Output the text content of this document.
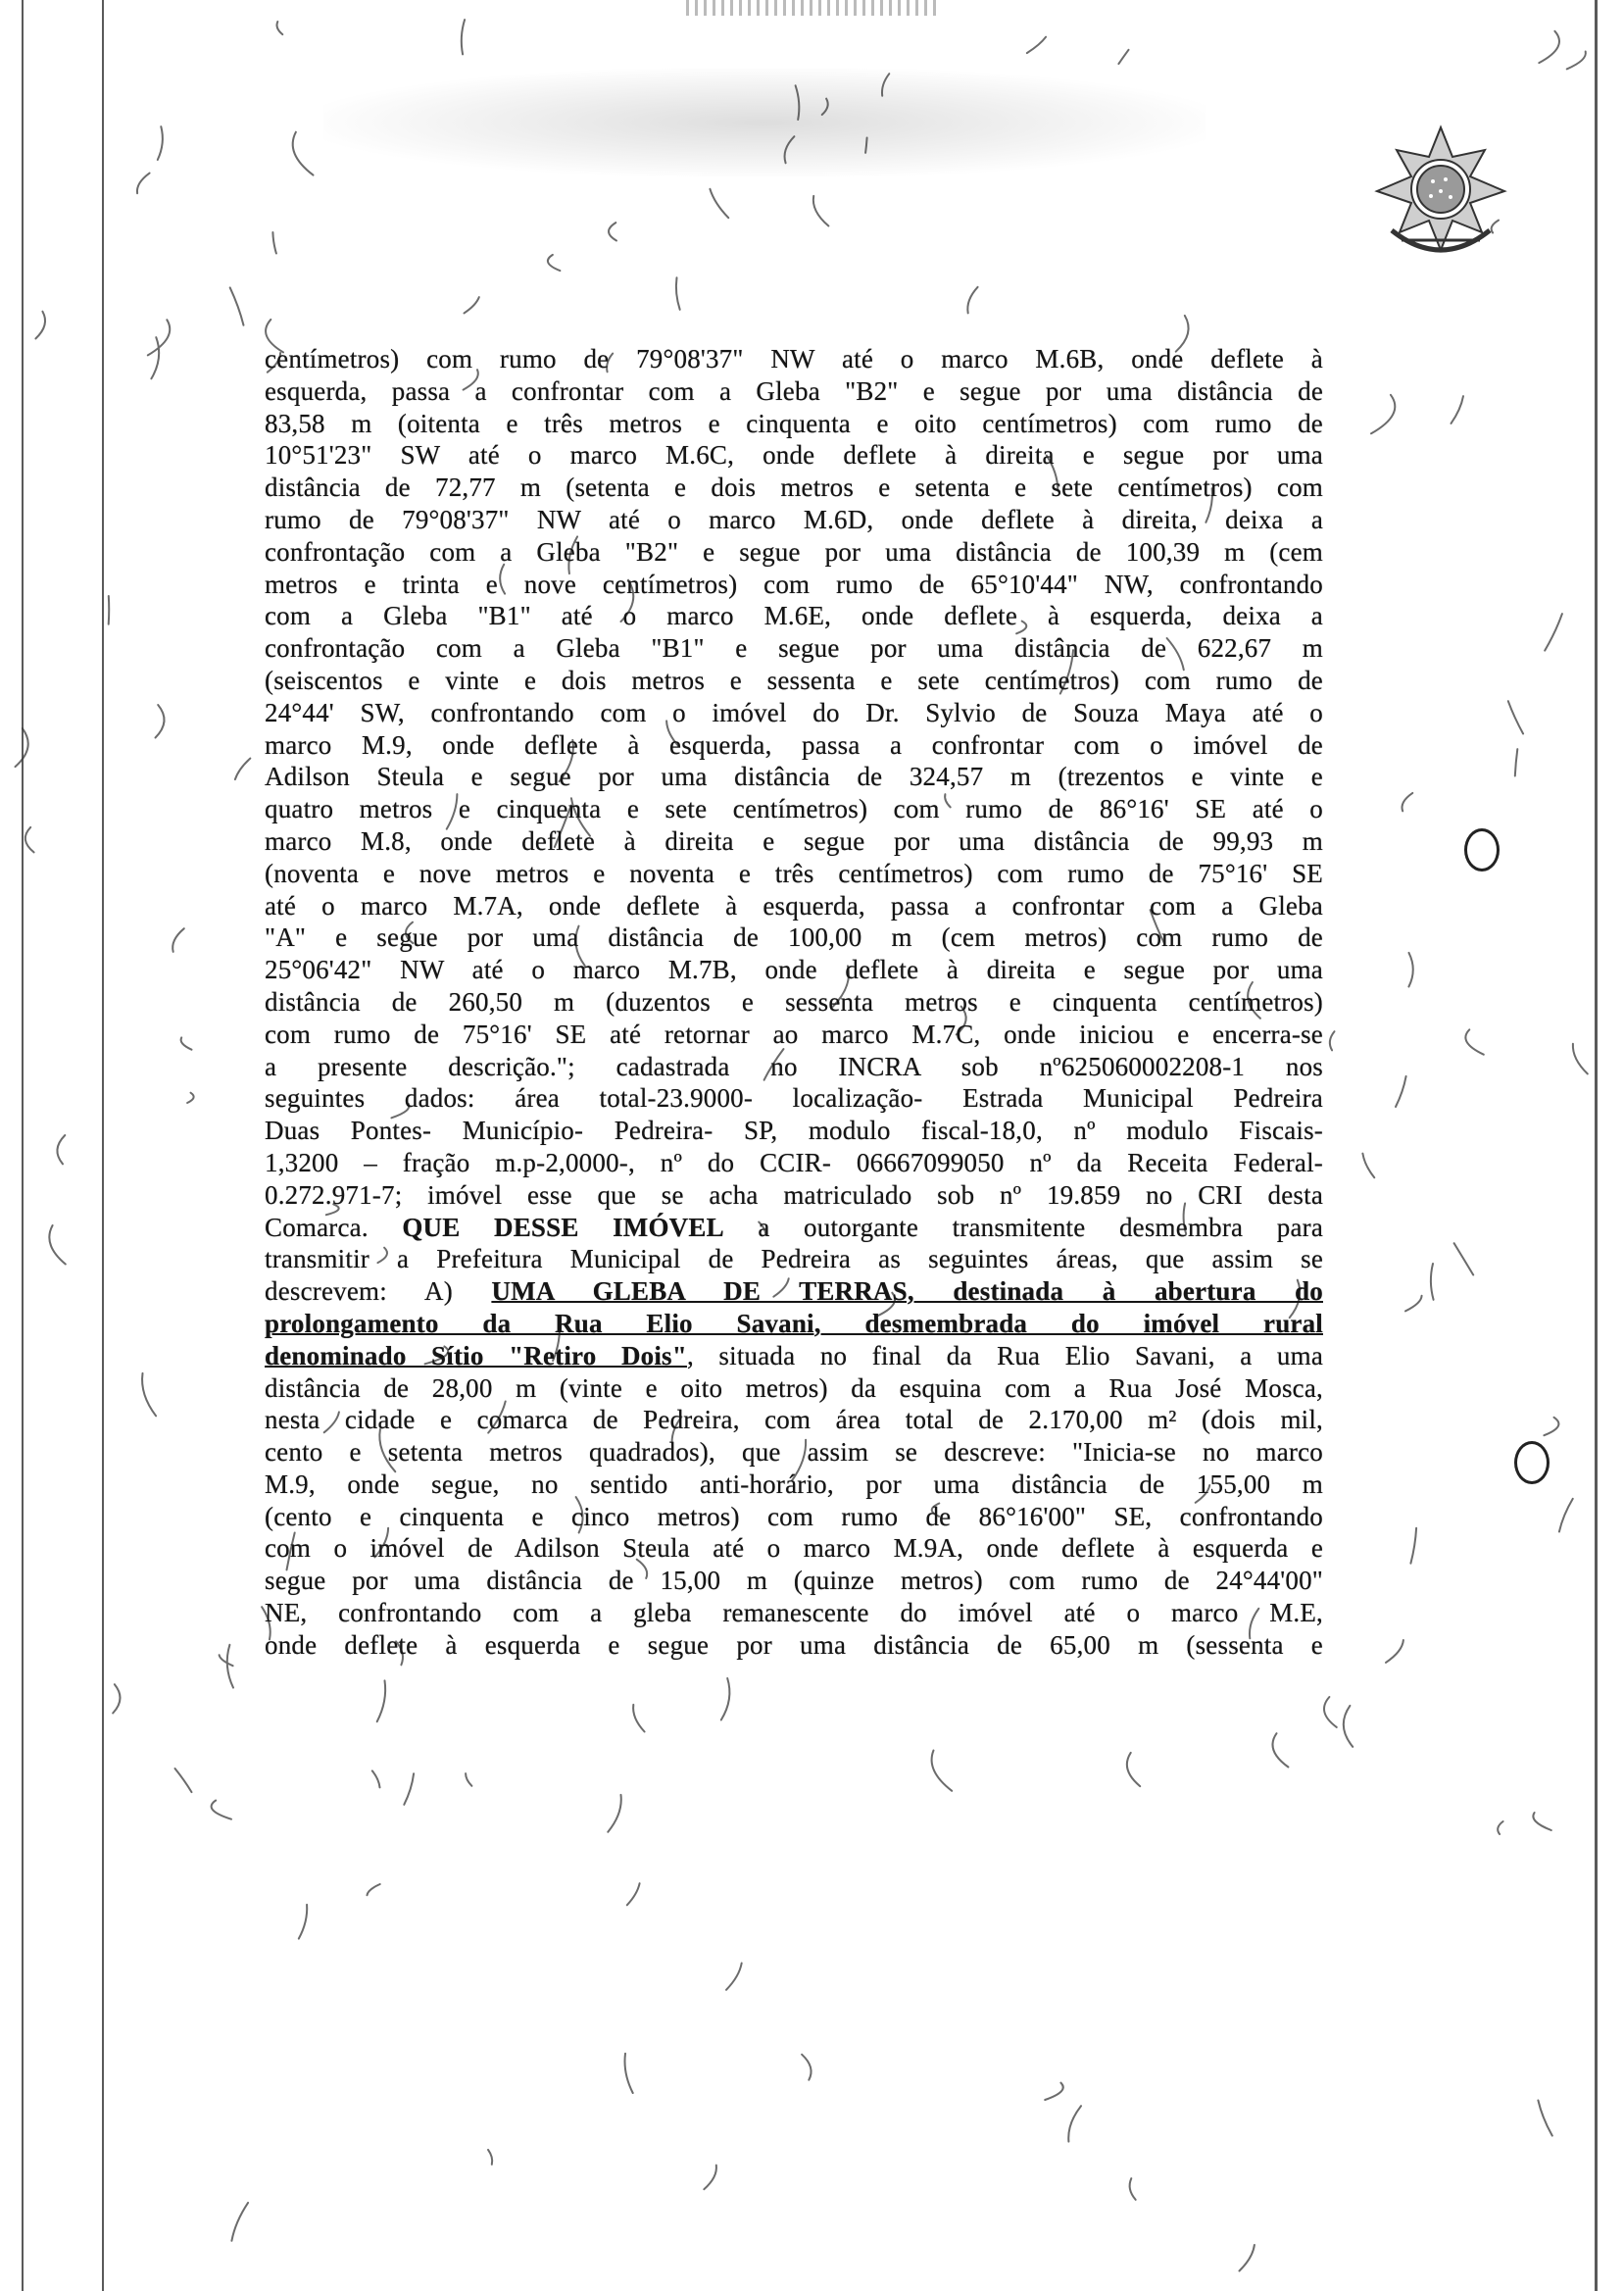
centímetros) com rumo de 79°08'37" NW até o marco M.6B, onde deflete à
esquerda, passa a confrontar com a Gleba "B2" e segue por uma distância de
83,58 m (oitenta e três metros e cinquenta e oito centímetros) com rumo de
10°51'23" SW até o marco M.6C, onde deflete à direita e segue por uma
distância de 72,77 m (setenta e dois metros e setenta e sete centímetros) com
rumo de 79°08'37" NW até o marco M.6D, onde deflete à direita, deixa a
confrontação com a Gleba "B2" e segue por uma distância de 100,39 m (cem
metros e trinta e nove centímetros) com rumo de 65°10'44" NW, confrontando
com a Gleba "B1" até o marco M.6E, onde deflete à esquerda, deixa a
confrontação com a Gleba "B1" e segue por uma distância de 622,67 m
(seiscentos e vinte e dois metros e sessenta e sete centímetros) com rumo de
24°44' SW, confrontando com o imóvel do Dr. Sylvio de Souza Maya até o
marco M.9, onde deflete à esquerda, passa a confrontar com o imóvel de
Adilson Steula e segue por uma distância de 324,57 m (trezentos e vinte e
quatro metros e cinquenta e sete centímetros) com rumo de 86°16' SE até o
marco M.8, onde deflete à direita e segue por uma distância de 99,93 m
(noventa e nove metros e noventa e três centímetros) com rumo de 75°16' SE
até o marco M.7A, onde deflete à esquerda, passa a confrontar com a Gleba
"A" e segue por uma distância de 100,00 m (cem metros) com rumo de
25°06'42" NW até o marco M.7B, onde deflete à direita e segue por uma
distância de 260,50 m (duzentos e sessenta metros e cinquenta centímetros)
com rumo de 75°16' SE até retornar ao marco M.7C, onde iniciou e encerra-se
a presente descrição."; cadastrada no INCRA sob nº625060002208-1 nos
seguintes dados: área total-23.9000- localização- Estrada Municipal Pedreira
Duas Pontes- Município- Pedreira- SP, modulo fiscal-18,0, nº modulo Fiscais-
1,3200 – fração m.p-2,0000-, nº do CCIR- 06667099050 nº da Receita Federal-
0.272.971-7; imóvel esse que se acha matriculado sob nº 19.859 no CRI desta
Comarca. QUE DESSE IMÓVEL a outorgante transmitente desmembra para
transmitir a Prefeitura Municipal de Pedreira as seguintes áreas, que assim se
descrevem: A) UMA GLEBA DE TERRAS, destinada à abertura do
prolongamento da Rua Elio Savani, desmembrada do imóvel rural
denominado Sítio "Retiro Dois", situada no final da Rua Elio Savani, a uma
distância de 28,00 m (vinte e oito metros) da esquina com a Rua José Mosca,
nesta cidade e comarca de Pedreira, com área total de 2.170,00 m² (dois mil,
cento e setenta metros quadrados), que assim se descreve: "Inicia-se no marco
M.9, onde segue, no sentido anti-horário, por uma distância de 155,00 m
(cento e cinquenta e cinco metros) com rumo de 86°16'00" SE, confrontando
com o imóvel de Adilson Steula até o marco M.9A, onde deflete à esquerda e
segue por uma distância de 15,00 m (quinze metros) com rumo de 24°44'00"
NE, confrontando com a gleba remanescente do imóvel até o marco M.E,
onde deflete à esquerda e segue por uma distância de 65,00 m (sessenta e
